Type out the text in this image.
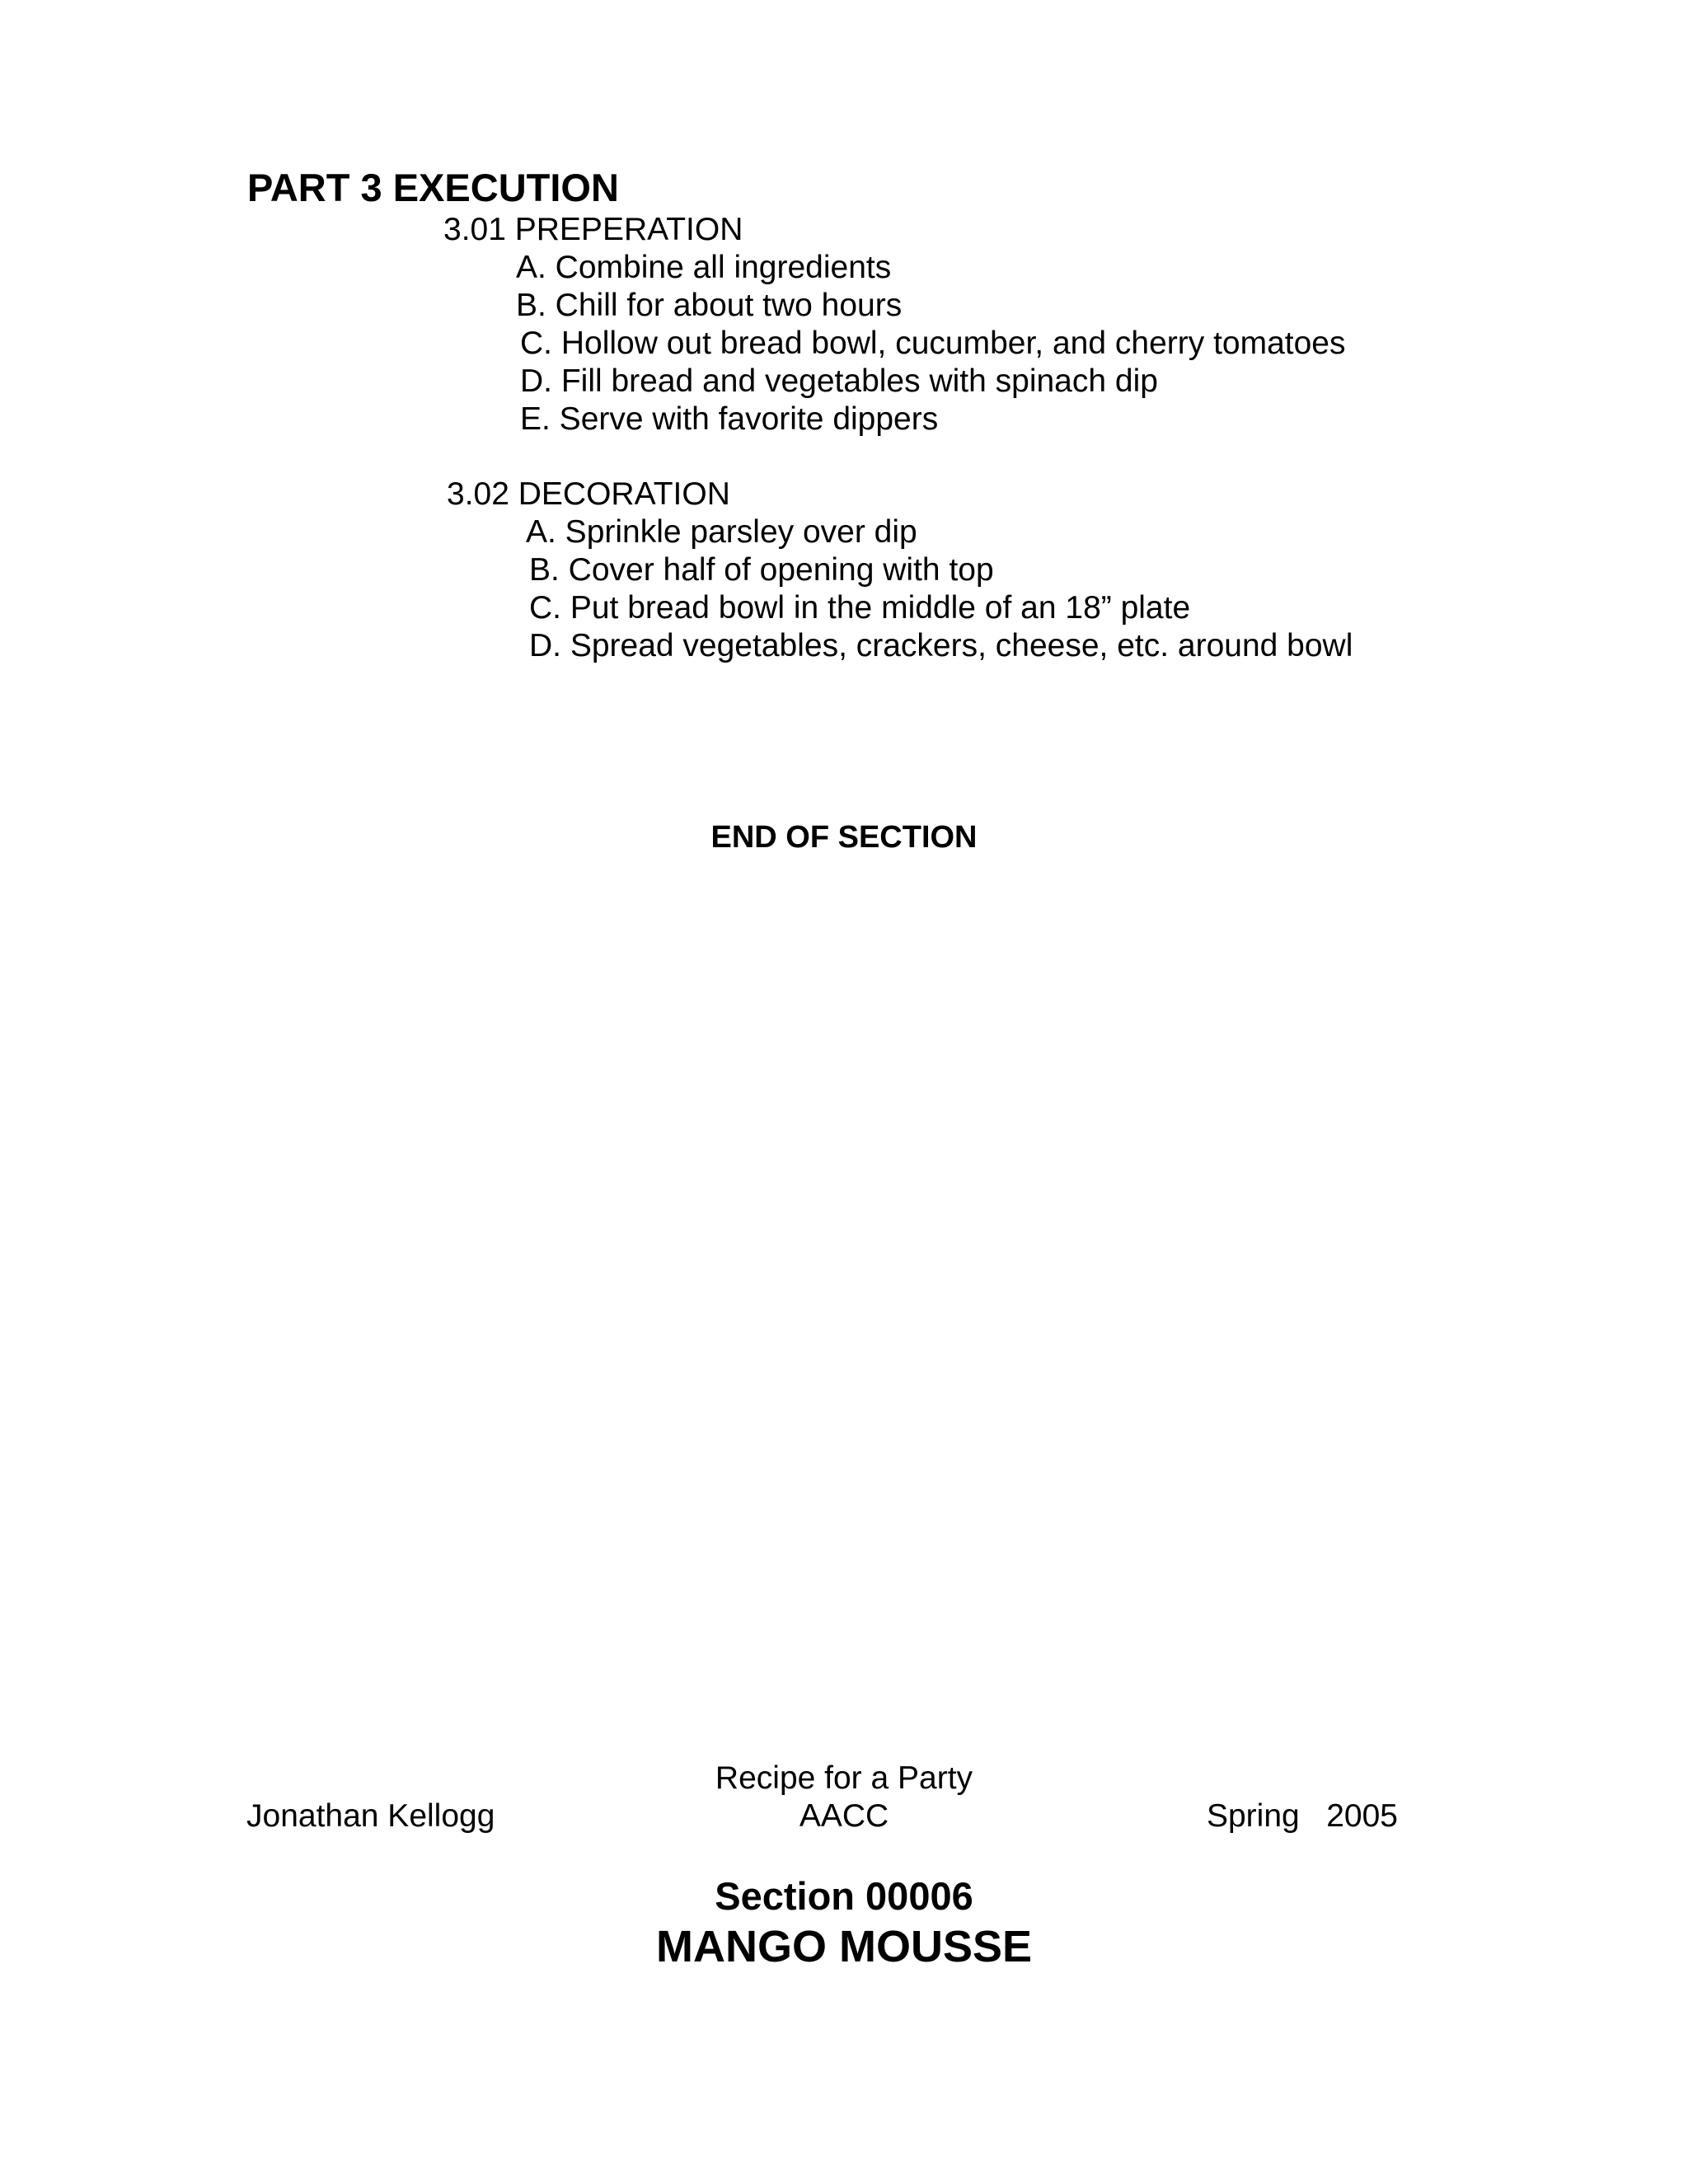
PART 3 EXECUTION
3.01 PREPERATION
A. Combine all ingredients
B. Chill for about two hours
C. Hollow out bread bowl, cucumber, and cherry tomatoes
D. Fill bread and vegetables with spinach dip
E. Serve with favorite dippers
3.02 DECORATION
A. Sprinkle parsley over dip
B. Cover half of opening with top
C. Put bread bowl in the middle of an 18” plate
D. Spread vegetables, crackers, cheese, etc. around bowl
END OF SECTION
Recipe for a Party
Jonathan Kellogg	AACC	Spring   2005
Section 00006
MANGO MOUSSE
